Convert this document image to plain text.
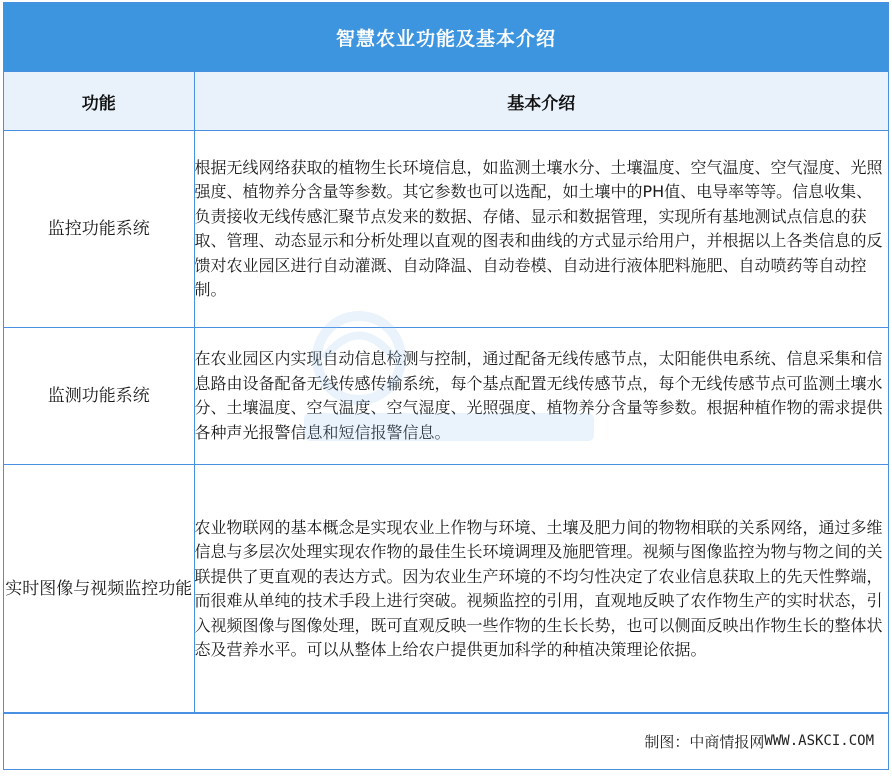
智慧农业功能及基本介绍
功能	基本介绍
监控功能系统	根据无线网络获取的植物生长环境信息，如监测土壤水分、土壤温度、空气温度、空气湿度、光照强度、植物养分含量等参数。其它参数也可以选配，如土壤中的PH值、电导率等等。信息收集、负责接收无线传感汇聚节点发来的数据、存储、显示和数据管理，实现所有基地测试点信息的获取、管理、动态显示和分析处理以直观的图表和曲线的方式显示给用户，并根据以上各类信息的反馈对农业园区进行自动灌溉、自动降温、自动卷模、自动进行液体肥料施肥、自动喷药等自动控制。
监测功能系统	在农业园区内实现自动信息检测与控制，通过配备无线传感节点，太阳能供电系统、信息采集和信息路由设备配备无线传感传输系统，每个基点配置无线传感节点，每个无线传感节点可监测土壤水分、土壤温度、空气温度、空气湿度、光照强度、植物养分含量等参数。根据种植作物的需求提供各种声光报警信息和短信报警信息。
实时图像与视频监控功能	农业物联网的基本概念是实现农业上作物与环境、土壤及肥力间的物物相联的关系网络，通过多维信息与多层次处理实现农作物的最佳生长环境调理及施肥管理。视频与图像监控为物与物之间的关联提供了更直观的表达方式。因为农业生产环境的不均匀性决定了农业信息获取上的先天性弊端，而很难从单纯的技术手段上进行突破。视频监控的引用，直观地反映了农作物生产的实时状态，引入视频图像与图像处理，既可直观反映一些作物的生长长势，也可以侧面反映出作物生长的整体状态及营养水平。可以从整体上给农户提供更加科学的种植决策理论依据。
制图：中商情报网 WWW.ASKCI.COM
